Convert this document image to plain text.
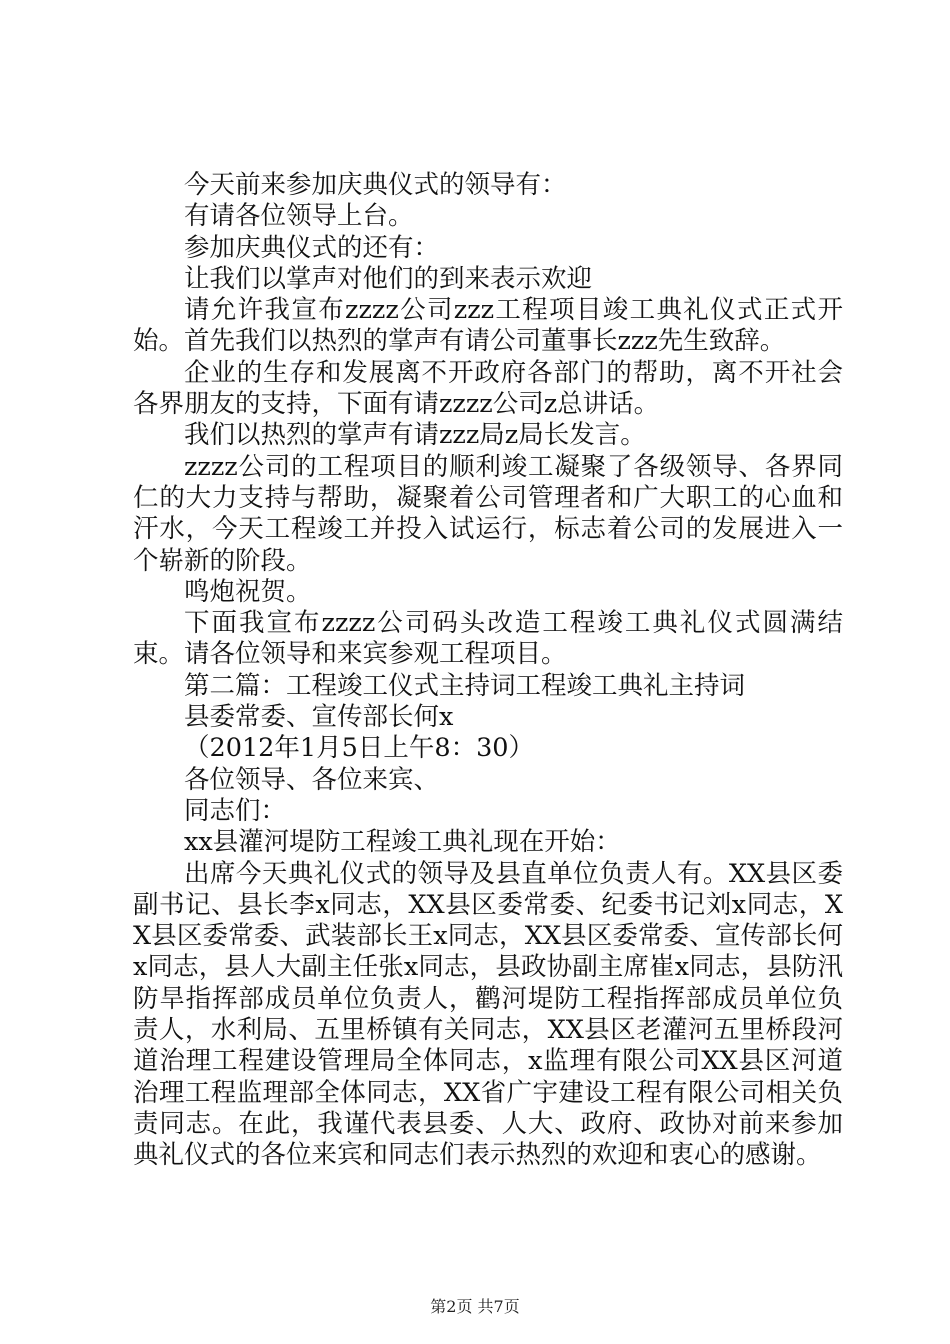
今天前来参加庆典仪式的领导有：

有请各位领导上台。

参加庆典仪式的还有：

让我们以掌声对他们的到来表示欢迎

请允许我宣布zzzz公司zzz工程项目竣工典礼仪式正式开始。首先我们以热烈的掌声有请公司董事长zzz先生致辞。

企业的生存和发展离不开政府各部门的帮助，离不开社会各界朋友的支持，下面有请zzzz公司z总讲话。

我们以热烈的掌声有请zzz局z局长发言。

zzzz公司的工程项目的顺利竣工凝聚了各级领导、各界同仁的大力支持与帮助，凝聚着公司管理者和广大职工的心血和汗水，今天工程竣工并投入试运行，标志着公司的发展进入一个崭新的阶段。

鸣炮祝贺。

下面我宣布zzzz公司码头改造工程竣工典礼仪式圆满结束。请各位领导和来宾参观工程项目。

第二篇：工程竣工仪式主持词工程竣工典礼主持词

县委常委、宣传部长何x

（2012年1月5日上午8：30）

各位领导、各位来宾、

同志们：

xx县灌河堤防工程竣工典礼现在开始：

出席今天典礼仪式的领导及县直单位负责人有。XX县区委副书记、县长李x同志，XX县区委常委、纪委书记刘x同志，XX县区委常委、武装部长王x同志，XX县区委常委、宣传部长何x同志，县人大副主任张x同志，县政协副主席崔x同志，县防汛防旱指挥部成员单位负责人，鹳河堤防工程指挥部成员单位负责人，水利局、五里桥镇有关同志，XX县区老灌河五里桥段河道治理工程建设管理局全体同志，x监理有限公司XX县区河道治理工程监理部全体同志，XX省广宇建设工程有限公司相关负责同志。在此，我谨代表县委、人大、政府、政协对前来参加典礼仪式的各位来宾和同志们表示热烈的欢迎和衷心的感谢。

第2页 共7页
